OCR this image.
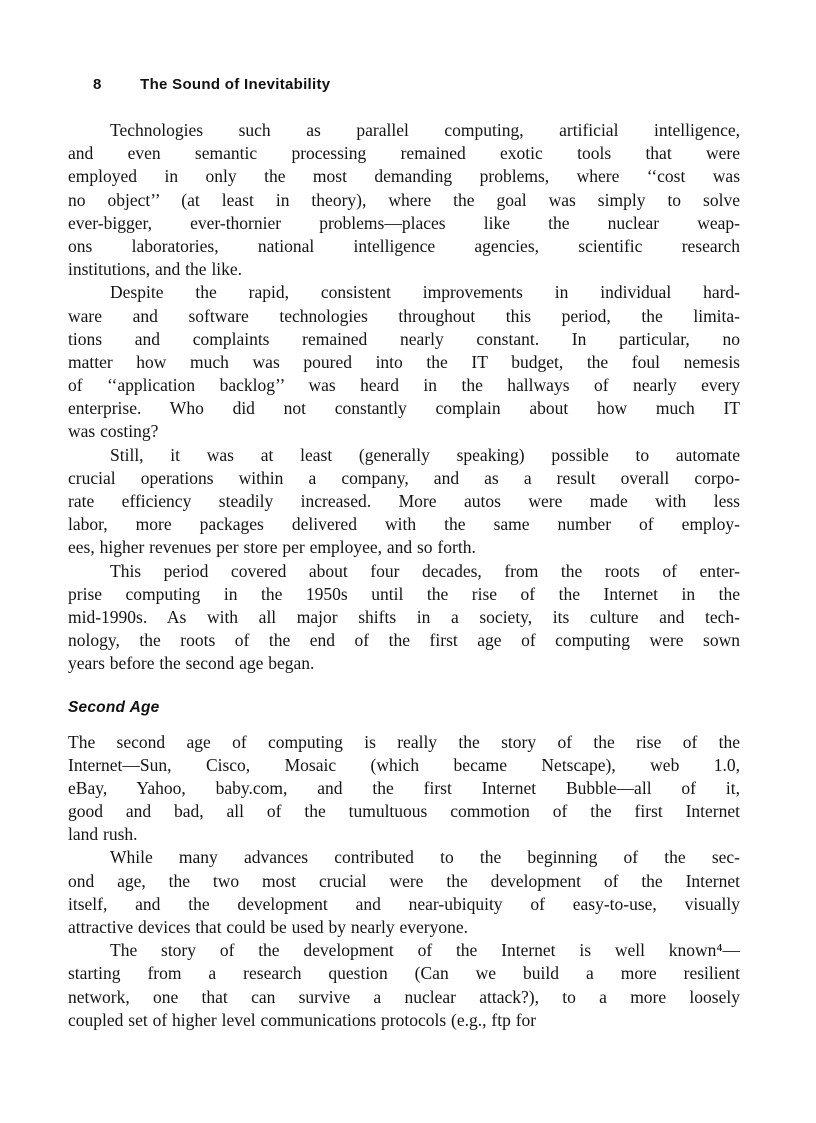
8	The Sound of Inevitability
Technologies such as parallel computing, artificial intelligence,
and even semantic processing remained exotic tools that were
employed in only the most demanding problems, where ‘‘cost was
no object’’ (at least in theory), where the goal was simply to solve
ever-bigger, ever-thornier problems—places like the nuclear weap-
ons laboratories, national intelligence agencies, scientific research
institutions, and the like.
Despite the rapid, consistent improvements in individual hard-
ware and software technologies throughout this period, the limita-
tions and complaints remained nearly constant. In particular, no
matter how much was poured into the IT budget, the foul nemesis
of ‘‘application backlog’’ was heard in the hallways of nearly every
enterprise. Who did not constantly complain about how much IT
was costing?
Still, it was at least (generally speaking) possible to automate
crucial operations within a company, and as a result overall corpo-
rate efficiency steadily increased. More autos were made with less
labor, more packages delivered with the same number of employ-
ees, higher revenues per store per employee, and so forth.
This period covered about four decades, from the roots of enter-
prise computing in the 1950s until the rise of the Internet in the
mid-1990s. As with all major shifts in a society, its culture and tech-
nology, the roots of the end of the first age of computing were sown
years before the second age began.
Second Age
The second age of computing is really the story of the rise of the
Internet—Sun, Cisco, Mosaic (which became Netscape), web 1.0,
eBay, Yahoo, baby.com, and the first Internet Bubble—all of it,
good and bad, all of the tumultuous commotion of the first Internet
land rush.
While many advances contributed to the beginning of the sec-
ond age, the two most crucial were the development of the Internet
itself, and the development and near-ubiquity of easy-to-use, visually
attractive devices that could be used by nearly everyone.
The story of the development of the Internet is well known⁴—
starting from a research question (Can we build a more resilient
network, one that can survive a nuclear attack?), to a more loosely
coupled set of higher level communications protocols (e.g., ftp for
